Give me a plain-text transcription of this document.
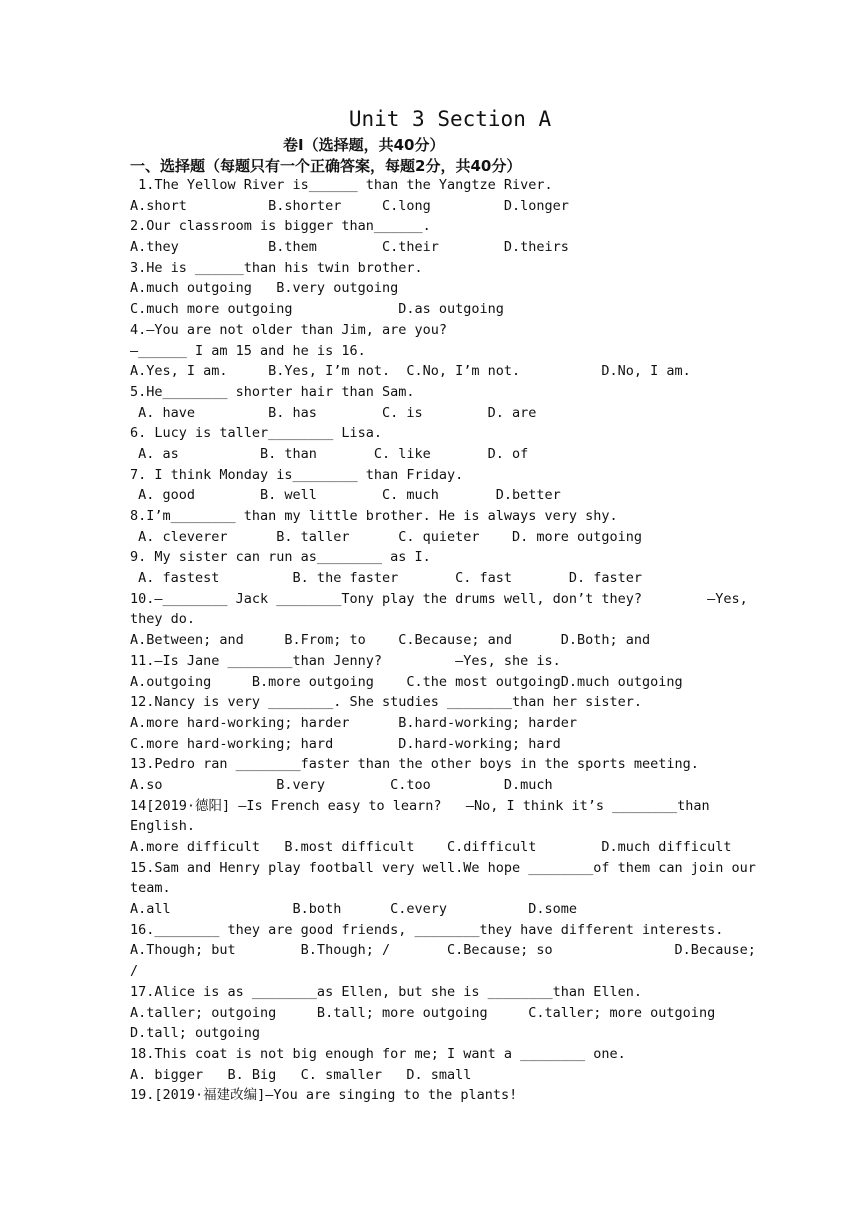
Unit 3 Section A
卷Ⅰ（选择题，共40分）
一、选择题（每题只有一个正确答案，每题2分，共40分）
1.The Yellow River is______ than the Yangtze River.
A.short          B.shorter     C.long         D.longer
2.Our classroom is bigger than______.
A.they           B.them        C.their        D.theirs
3.He is ______than his twin brother.
A.much outgoing   B.very outgoing
C.much more outgoing             D.as outgoing
4.—You are not older than Jim, are you?
—______ I am 15 and he is 16.
A.Yes, I am.     B.Yes, I’m not.  C.No, I’m not.          D.No, I am.
5.He________ shorter hair than Sam.
A. have         B. has        C. is        D. are
6. Lucy is taller________ Lisa.
A. as          B. than       C. like       D. of
7. I think Monday is________ than Friday.
A. good        B. well        C. much       D.better
8.I’m________ than my little brother. He is always very shy.
A. cleverer      B. taller      C. quieter    D. more outgoing
9. My sister can run as________ as I.
A. fastest         B. the faster       C. fast       D. faster
10.—________ Jack ________Tony play the drums well, don’t they?        —Yes,
they do.
A.Between; and     B.From; to    C.Because; and      D.Both; and
11.—Is Jane ________than Jenny?         —Yes, she is.
A.outgoing     B.more outgoing    C.the most outgoingD.much outgoing
12.Nancy is very ________. She studies ________than her sister.
A.more hard-working; harder      B.hard-working; harder
C.more hard-working; hard        D.hard-working; hard
13.Pedro ran ________faster than the other boys in the sports meeting.
A.so              B.very        C.too         D.much
14[2019·德阳] —Is French easy to learn?   —No, I think it’s ________than
English.
A.more difficult   B.most difficult    C.difficult        D.much difficult
15.Sam and Henry play football very well.We hope ________of them can join our
team.
A.all               B.both      C.every          D.some
16.________ they are good friends, ________they have different interests.
A.Though; but        B.Though; /       C.Because; so               D.Because;
/
17.Alice is as ________as Ellen, but she is ________than Ellen.
A.taller; outgoing     B.tall; more outgoing     C.taller; more outgoing
D.tall; outgoing
18.This coat is not big enough for me; I want a ________ one.
A. bigger   B. Big   C. smaller   D. small
19.[2019·福建改编]—You are singing to the plants!
